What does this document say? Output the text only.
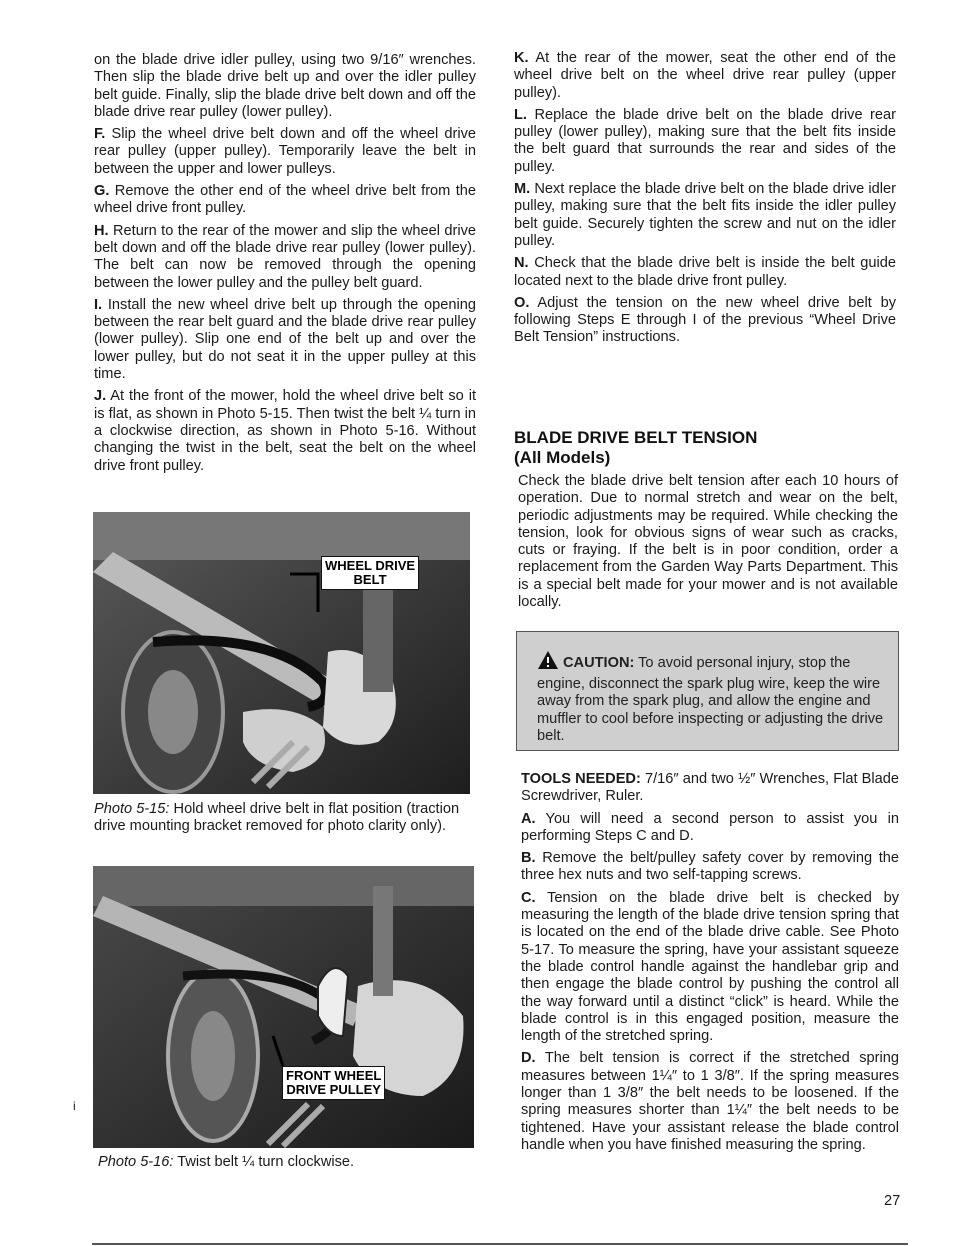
on the blade drive idler pulley, using two 9/16″ wrenches. Then slip the blade drive belt up and over the idler pulley belt guide. Finally, slip the blade drive belt down and off the blade drive rear pulley (lower pulley).

F. Slip the wheel drive belt down and off the wheel drive rear pulley (upper pulley). Temporarily leave the belt in between the upper and lower pulleys.

G. Remove the other end of the wheel drive belt from the wheel drive front pulley.

H. Return to the rear of the mower and slip the wheel drive belt down and off the blade drive rear pulley (lower pulley). The belt can now be removed through the opening between the lower pulley and the pulley belt guard.

I. Install the new wheel drive belt up through the opening between the rear belt guard and the blade drive rear pulley (lower pulley). Slip one end of the belt up and over the lower pulley, but do not seat it in the upper pulley at this time.

J. At the front of the mower, hold the wheel drive belt so it is flat, as shown in Photo 5-15. Then twist the belt ¼ turn in a clockwise direction, as shown in Photo 5-16. Without changing the twist in the belt, seat the belt on the wheel drive front pulley.

WHEEL DRIVE
BELT
Photo 5-15: Hold wheel drive belt in flat position (traction drive mounting bracket removed for photo clarity only).
FRONT WHEEL
DRIVE PULLEY
Photo 5-16: Twist belt ¼ turn clockwise.
i

K. At the rear of the mower, seat the other end of the wheel drive belt on the wheel drive rear pulley (upper pulley).

L. Replace the blade drive belt on the blade drive rear pulley (lower pulley), making sure that the belt fits inside the belt guard that surrounds the rear and sides of the pulley.

M. Next replace the blade drive belt on the blade drive idler pulley, making sure that the belt fits inside the idler pulley belt guide. Securely tighten the screw and nut on the idler pulley.

N. Check that the blade drive belt is inside the belt guide located next to the blade drive front pulley.

O. Adjust the tension on the new wheel drive belt by following Steps E through I of the previous “Wheel Drive Belt Tension” instructions.

BLADE DRIVE BELT TENSION
(All Models)

Check the blade drive belt tension after each 10 hours of operation. Due to normal stretch and wear on the belt, periodic adjustments may be required. While checking the tension, look for obvious signs of wear such as cracks, cuts or fraying. If the belt is in poor condition, order a replacement from the Garden Way Parts Department. This is a special belt made for your mower and is not available locally.

CAUTION: To avoid personal injury, stop the engine, disconnect the spark plug wire, keep the wire away from the spark plug, and allow the engine and muffler to cool before inspecting or adjusting the drive belt.

TOOLS NEEDED: 7/16″ and two ½″ Wrenches, Flat Blade Screwdriver, Ruler.

A. You will need a second person to assist you in performing Steps C and D.

B. Remove the belt/pulley safety cover by removing the three hex nuts and two self-tapping screws.

C. Tension on the blade drive belt is checked by measuring the length of the blade drive tension spring that is located on the end of the blade drive cable. See Photo 5-17. To measure the spring, have your assistant squeeze the blade control handle against the handlebar grip and then engage the blade control by pushing the control all the way forward until a distinct “click” is heard. While the blade control is in this engaged position, measure the length of the stretched spring.

D. The belt tension is correct if the stretched spring measures between 1¼″ to 1 3/8″. If the spring measures longer than 1 3/8″ the belt needs to be loosened. If the spring measures shorter than 1¼″ the belt needs to be tightened. Have your assistant release the blade control handle when you have finished measuring the spring.

27
